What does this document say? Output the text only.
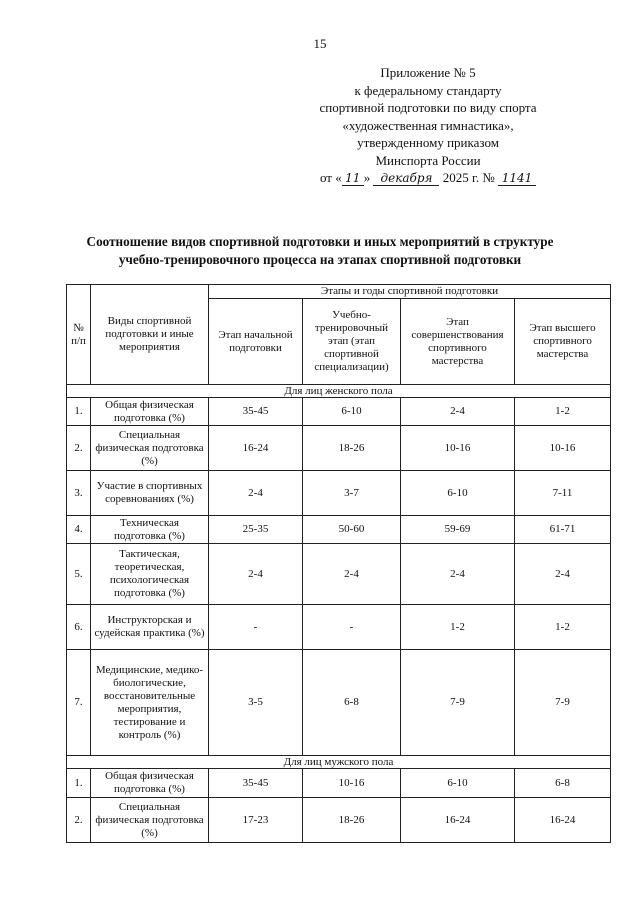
15
Приложение № 5
к федеральному стандарту
спортивной подготовки по виду спорта
«художественная гимнастика»,
утвержденному приказом
Минспорта России
от « 11 » декабря 2025 г. № 1141
Соотношение видов спортивной подготовки и иных мероприятий в структуре
учебно-тренировочного процесса на этапах спортивной подготовки
№ п/п	Виды спортивной подготовки и иные мероприятия	Этапы и годы спортивной подготовки			
		Этап начальной подготовки	Учебно-тренировочный этап (этап спортивной специализации)	Этап совершенствования спортивного мастерства	Этап высшего спортивного мастерства
Для лиц женского пола					
1.	Общая физическая подготовка (%)	35-45	6-10	2-4	1-2
2.	Специальная физическая подготовка (%)	16-24	18-26	10-16	10-16
3.	Участие в спортивных соревнованиях (%)	2-4	3-7	6-10	7-11
4.	Техническая подготовка (%)	25-35	50-60	59-69	61-71
5.	Тактическая, теоретическая, психологическая подготовка (%)	2-4	2-4	2-4	2-4
6.	Инструкторская и судейская практика (%)	-	-	1-2	1-2
7.	Медицинские, медико-биологические, восстановительные мероприятия, тестирование и контроль (%)	3-5	6-8	7-9	7-9
Для лиц мужского пола					
1.	Общая физическая подготовка (%)	35-45	10-16	6-10	6-8
2.	Специальная физическая подготовка (%)	17-23	18-26	16-24	16-24
